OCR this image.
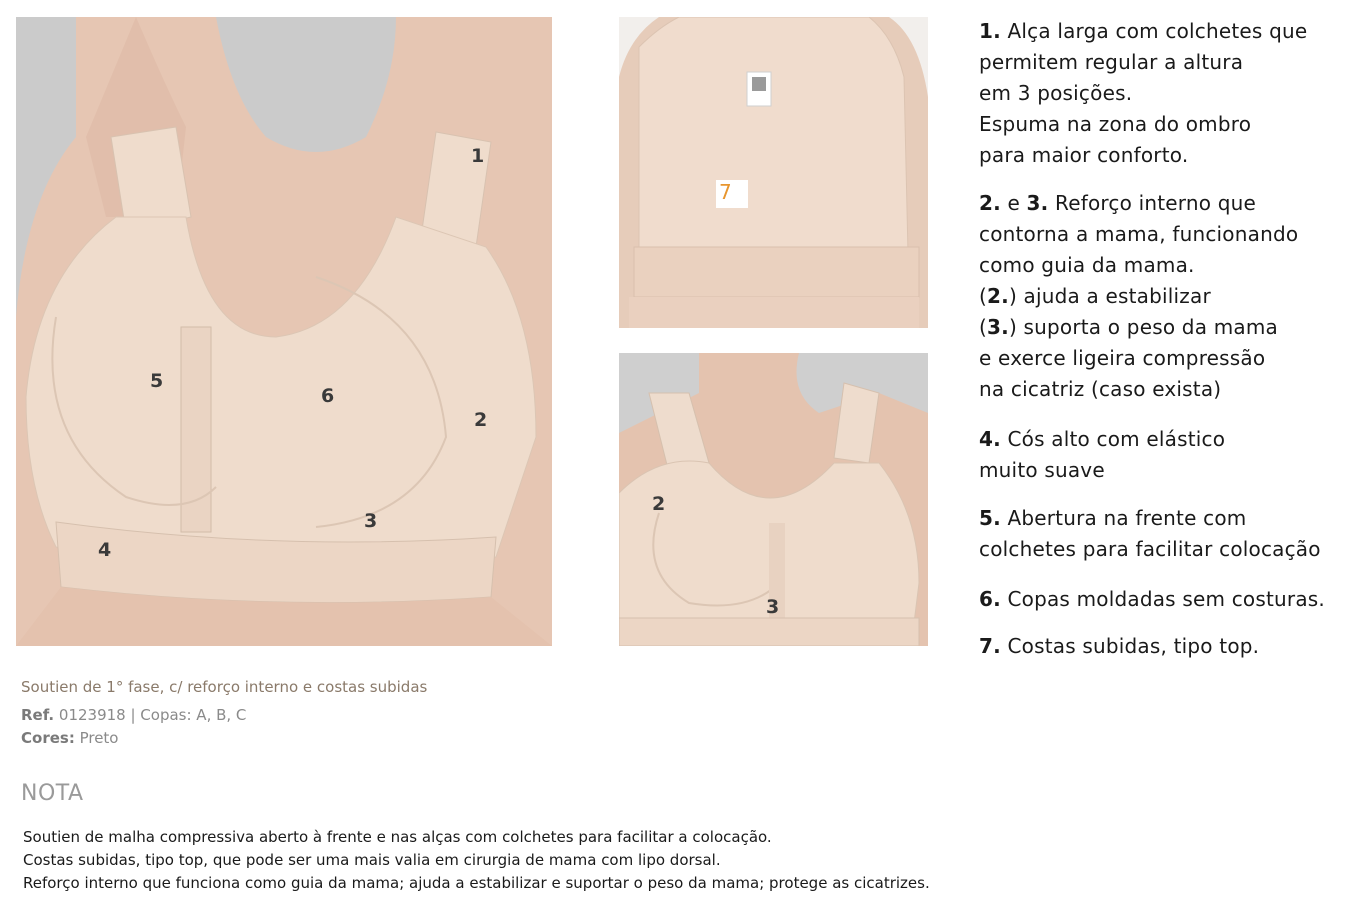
1
2
3
4
5
6
7
2
3

1. Alça larga com colchetes que
permitem regular a altura
em 3 posições.
Espuma na zona do ombro
para maior conforto.

2. e 3. Reforço interno que
contorna a mama, funcionando
como guia da mama.
(2.) ajuda a estabilizar
(3.) suporta o peso da mama
e exerce ligeira compressão
na cicatriz (caso exista)

4. Cós alto com elástico
muito suave

5. Abertura na frente com
colchetes para facilitar colocação

6. Copas moldadas sem costuras.

7. Costas subidas, tipo top.

Soutien de 1° fase, c/ reforço interno e costas subidas
Ref. 0123918 | Copas: A, B, C
Cores: Preto
NOTA
Soutien de malha compressiva aberto à frente e nas alças com colchetes para facilitar a colocação.
Costas subidas, tipo top, que pode ser uma mais valia em cirurgia de mama com lipo dorsal.
Reforço interno que funciona como guia da mama; ajuda a estabilizar e suportar o peso da mama; protege as cicatrizes.
